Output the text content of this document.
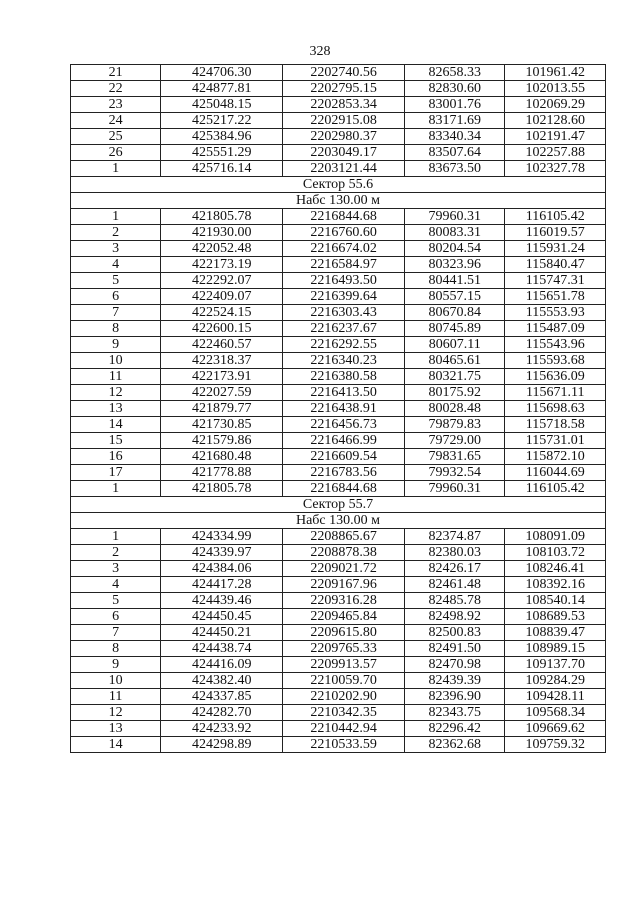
328
21	424706.30	2202740.56	82658.33	101961.42
22	424877.81	2202795.15	82830.60	102013.55
23	425048.15	2202853.34	83001.76	102069.29
24	425217.22	2202915.08	83171.69	102128.60
25	425384.96	2202980.37	83340.34	102191.47
26	425551.29	2203049.17	83507.64	102257.88
1	425716.14	2203121.44	83673.50	102327.78
Сектор 55.6				
Набс 130.00 м				
1	421805.78	2216844.68	79960.31	116105.42
2	421930.00	2216760.60	80083.31	116019.57
3	422052.48	2216674.02	80204.54	115931.24
4	422173.19	2216584.97	80323.96	115840.47
5	422292.07	2216493.50	80441.51	115747.31
6	422409.07	2216399.64	80557.15	115651.78
7	422524.15	2216303.43	80670.84	115553.93
8	422600.15	2216237.67	80745.89	115487.09
9	422460.57	2216292.55	80607.11	115543.96
10	422318.37	2216340.23	80465.61	115593.68
11	422173.91	2216380.58	80321.75	115636.09
12	422027.59	2216413.50	80175.92	115671.11
13	421879.77	2216438.91	80028.48	115698.63
14	421730.85	2216456.73	79879.83	115718.58
15	421579.86	2216466.99	79729.00	115731.01
16	421680.48	2216609.54	79831.65	115872.10
17	421778.88	2216783.56	79932.54	116044.69
1	421805.78	2216844.68	79960.31	116105.42
Сектор 55.7				
Набс 130.00 м				
1	424334.99	2208865.67	82374.87	108091.09
2	424339.97	2208878.38	82380.03	108103.72
3	424384.06	2209021.72	82426.17	108246.41
4	424417.28	2209167.96	82461.48	108392.16
5	424439.46	2209316.28	82485.78	108540.14
6	424450.45	2209465.84	82498.92	108689.53
7	424450.21	2209615.80	82500.83	108839.47
8	424438.74	2209765.33	82491.50	108989.15
9	424416.09	2209913.57	82470.98	109137.70
10	424382.40	2210059.70	82439.39	109284.29
11	424337.85	2210202.90	82396.90	109428.11
12	424282.70	2210342.35	82343.75	109568.34
13	424233.92	2210442.94	82296.42	109669.62
14	424298.89	2210533.59	82362.68	109759.32
